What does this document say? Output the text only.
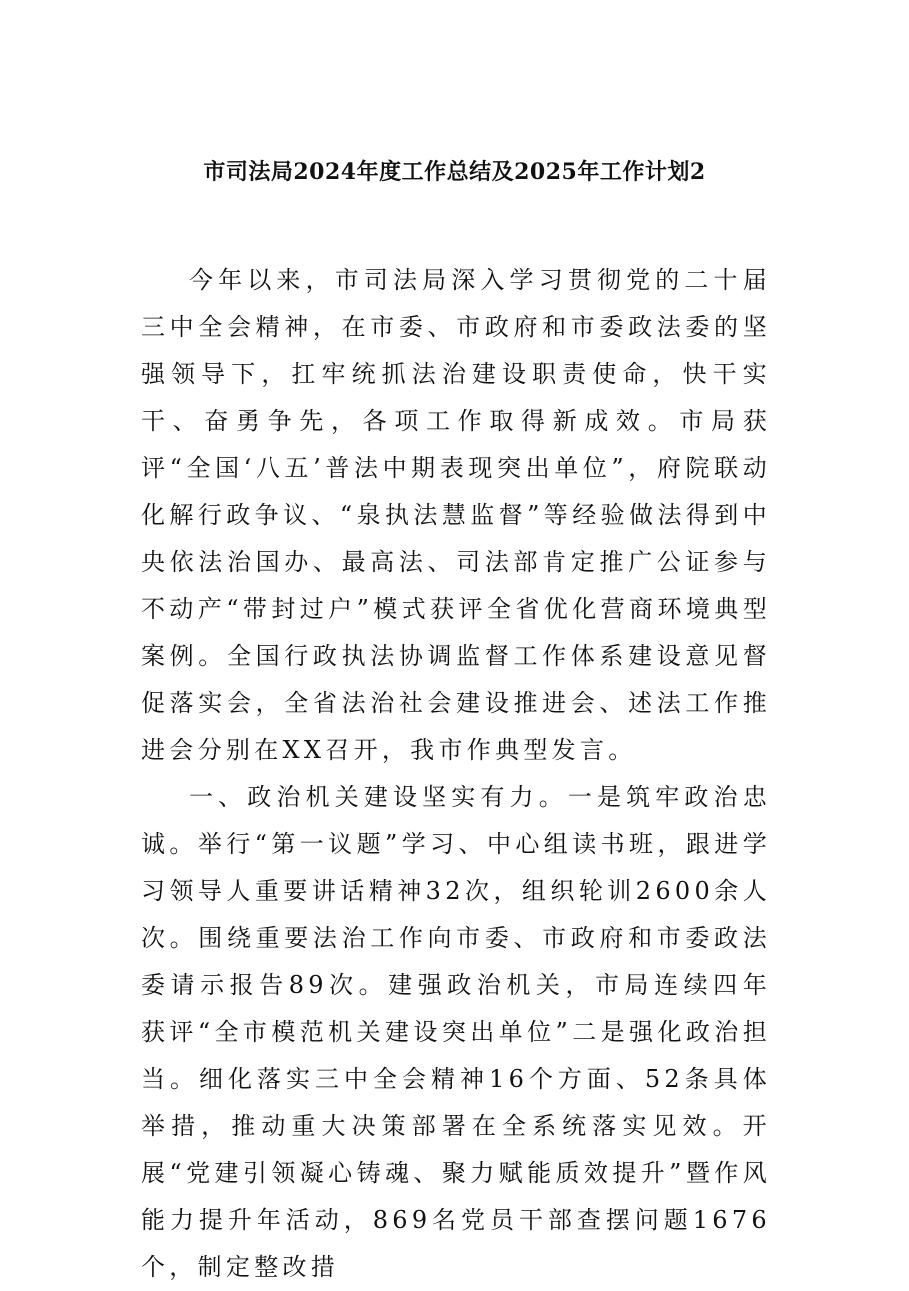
市司法局2024年度工作总结及2025年工作计划2

今年以来，市司法局深入学习贯彻党的二十届三中全会精神，在市委、市政府和市委政法委的坚强领导下，扛牢统抓法治建设职责使命，快干实干、奋勇争先，各项工作取得新成效。市局获评“全国‘八五’普法中期表现突出单位”，府院联动化解行政争议、“泉执法慧监督”等经验做法得到中央依法治国办、最高法、司法部肯定推广公证参与不动产“带封过户”模式获评全省优化营商环境典型案例。全国行政执法协调监督工作体系建设意见督促落实会，全省法治社会建设推进会、述法工作推进会分别在XX召开，我市作典型发言。

一、政治机关建设坚实有力。一是筑牢政治忠诚。举行“第一议题”学习、中心组读书班，跟进学习领导人重要讲话精神32次，组织轮训2600余人次。围绕重要法治工作向市委、市政府和市委政法委请示报告89次。建强政治机关，市局连续四年获评“全市模范机关建设突出单位”二是强化政治担当。细化落实三中全会精神16个方面、52条具体举措，推动重大决策部署在全系统落实见效。开展“党建引领凝心铸魂、聚力赋能质效提升”暨作风能力提升年活动，869名党员干部查摆问题1676个，制定整改措
